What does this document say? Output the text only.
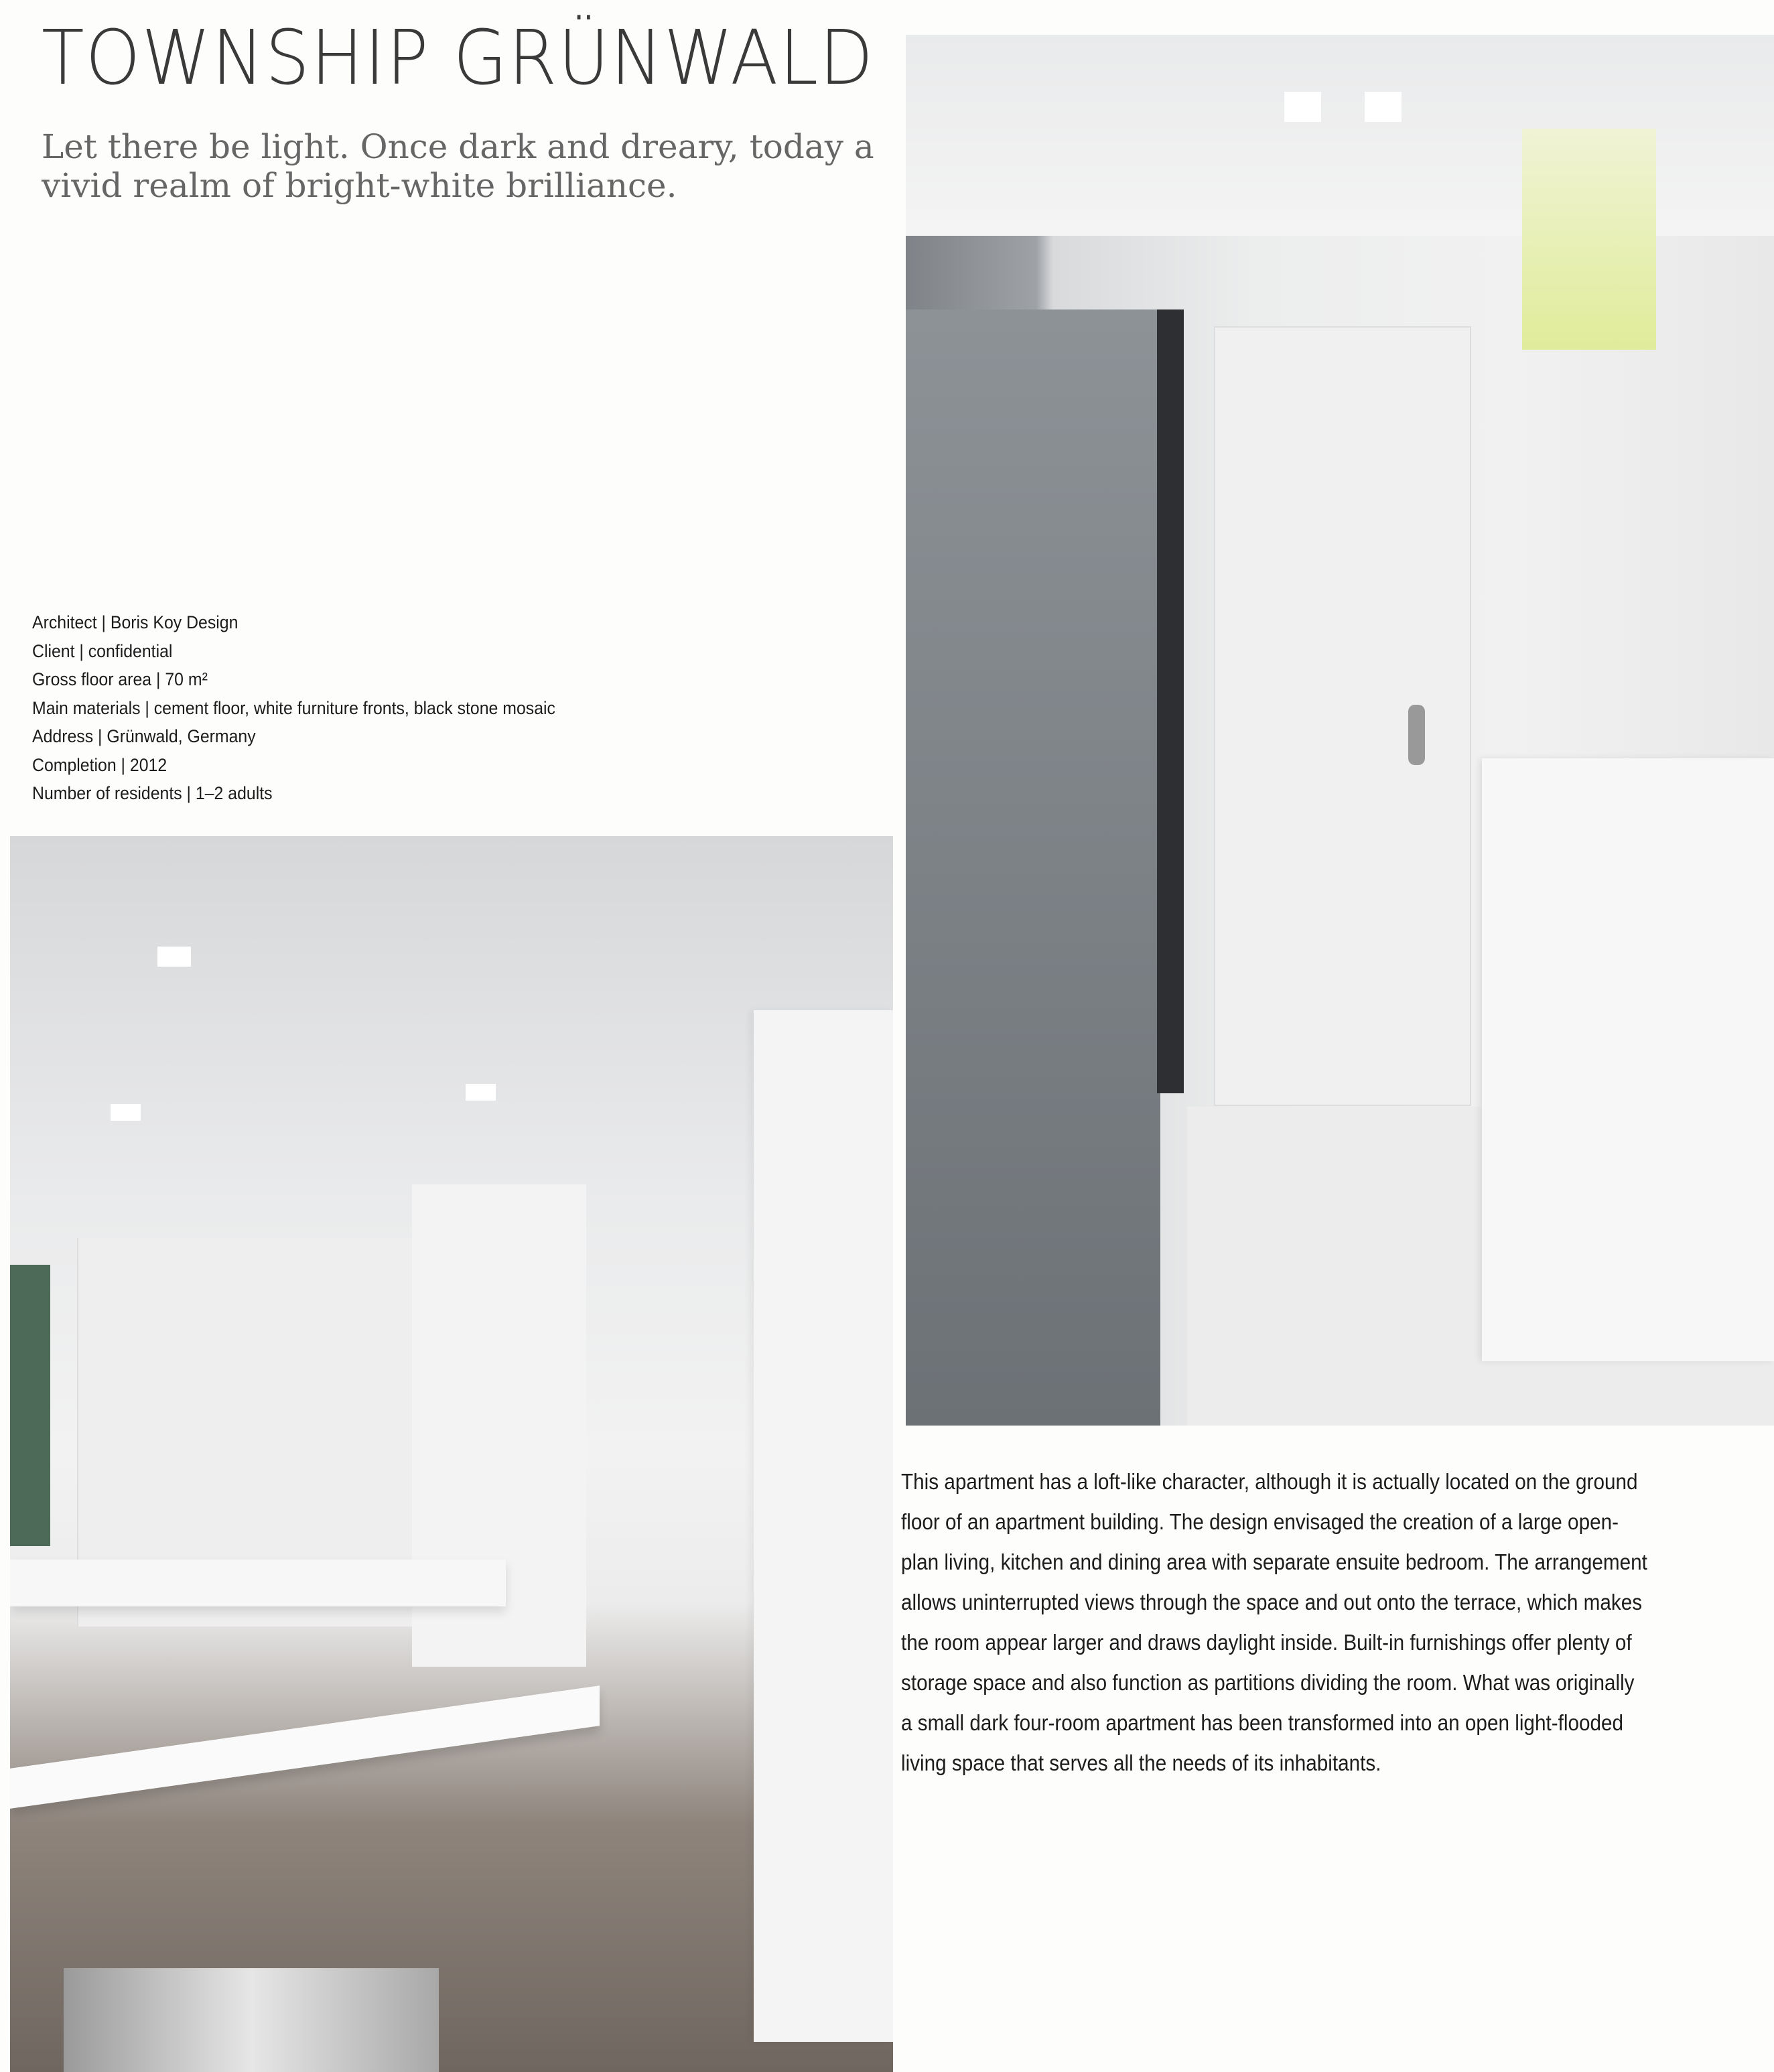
TOWNSHIP GRÜNWALD
Let there be light. Once dark and dreary, today a
vivid realm of bright-white brilliance.
Architect | Boris Koy Design
Client | confidential
Gross floor area | 70 m²
Main materials | cement floor, white furniture fronts, black stone mosaic
Address | Grünwald, Germany
Completion | 2012
Number of residents | 1–2 adults
This apartment has a loft-like character, although it is actually located on the ground
floor of an apartment building. The design envisaged the creation of a large open-
plan living, kitchen and dining area with separate ensuite bedroom. The arrangement
allows uninterrupted views through the space and out onto the terrace, which makes
the room appear larger and draws daylight inside. Built-in furnishings offer plenty of
storage space and also function as partitions dividing the room. What was originally
a small dark four-room apartment has been transformed into an open light-flooded
living space that serves all the needs of its inhabitants.
